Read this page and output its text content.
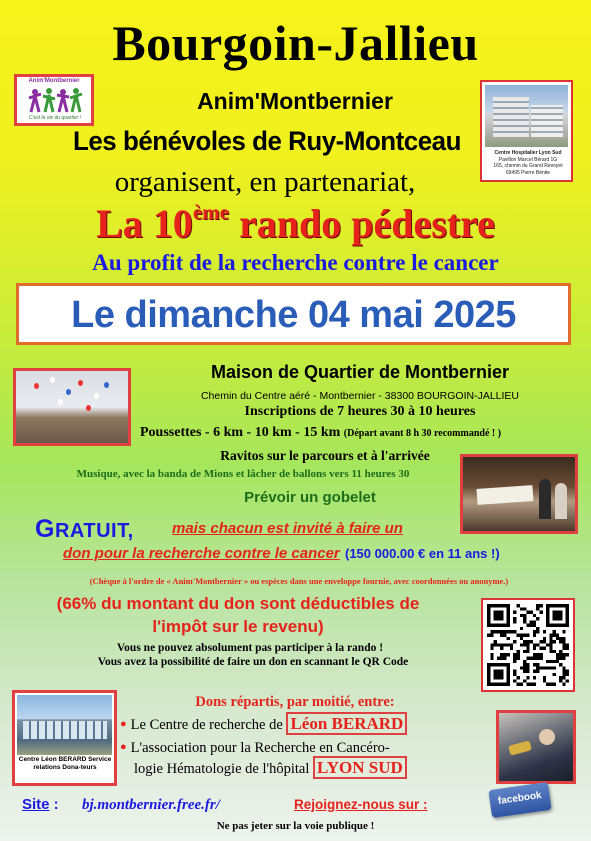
Bourgoin-Jallieu
Anim'Montbernier
C'est la vie du quartier !
Centre Hospitalier Lyon Sud
Pavillon Marcel Bérard 1G
165, chemin du Grand Revoyet
69495 Pierre Bénite
Anim'Montbernier
Les bénévoles de Ruy-Montceau
organisent, en partenariat,
La 10ème rando pédestre
Au profit de la recherche contre le cancer
Le dimanche 04 mai 2025
Maison de Quartier de Montbernier
Chemin du Centre aéré - Montbernier - 38300 BOURGOIN-JALLIEU
Inscriptions de 7 heures 30 à 10 heures
Poussettes - 6 km - 10 km - 15 km (Départ avant 8 h 30 recommandé ! )
Ravitos sur le parcours et à l'arrivée
Musique, avec la banda de Mions et lâcher de ballons vers 11 heures 30
Prévoir un gobelet
GRATUIT,	mais chacun est invité à faire un
don pour la recherche contre le cancer (150 000.00 € en 11 ans !)
(Chèque à l'ordre de « Anim'Montbernier » ou espèces dans une enveloppe fournie, avec coordonnées ou anonyme.)
(66% du montant du don sont déductibles de
l'impôt sur le revenu)
Vous ne pouvez absolument pas participer à la rando !
Vous avez la possibilité de faire un don en scannant le QR Code
Centre Léon BERARD Service relations Dona-teurs
Dons répartis, par moitié, entre:
● Le Centre de recherche de Léon BERARD
● L'association pour la Recherche en Cancéro-
logie Hématologie de l'hôpital LYON SUD
Site : bj.montbernier.free.fr/	Rejoignez-nous sur :	facebook
Ne pas jeter sur la voie publique !
